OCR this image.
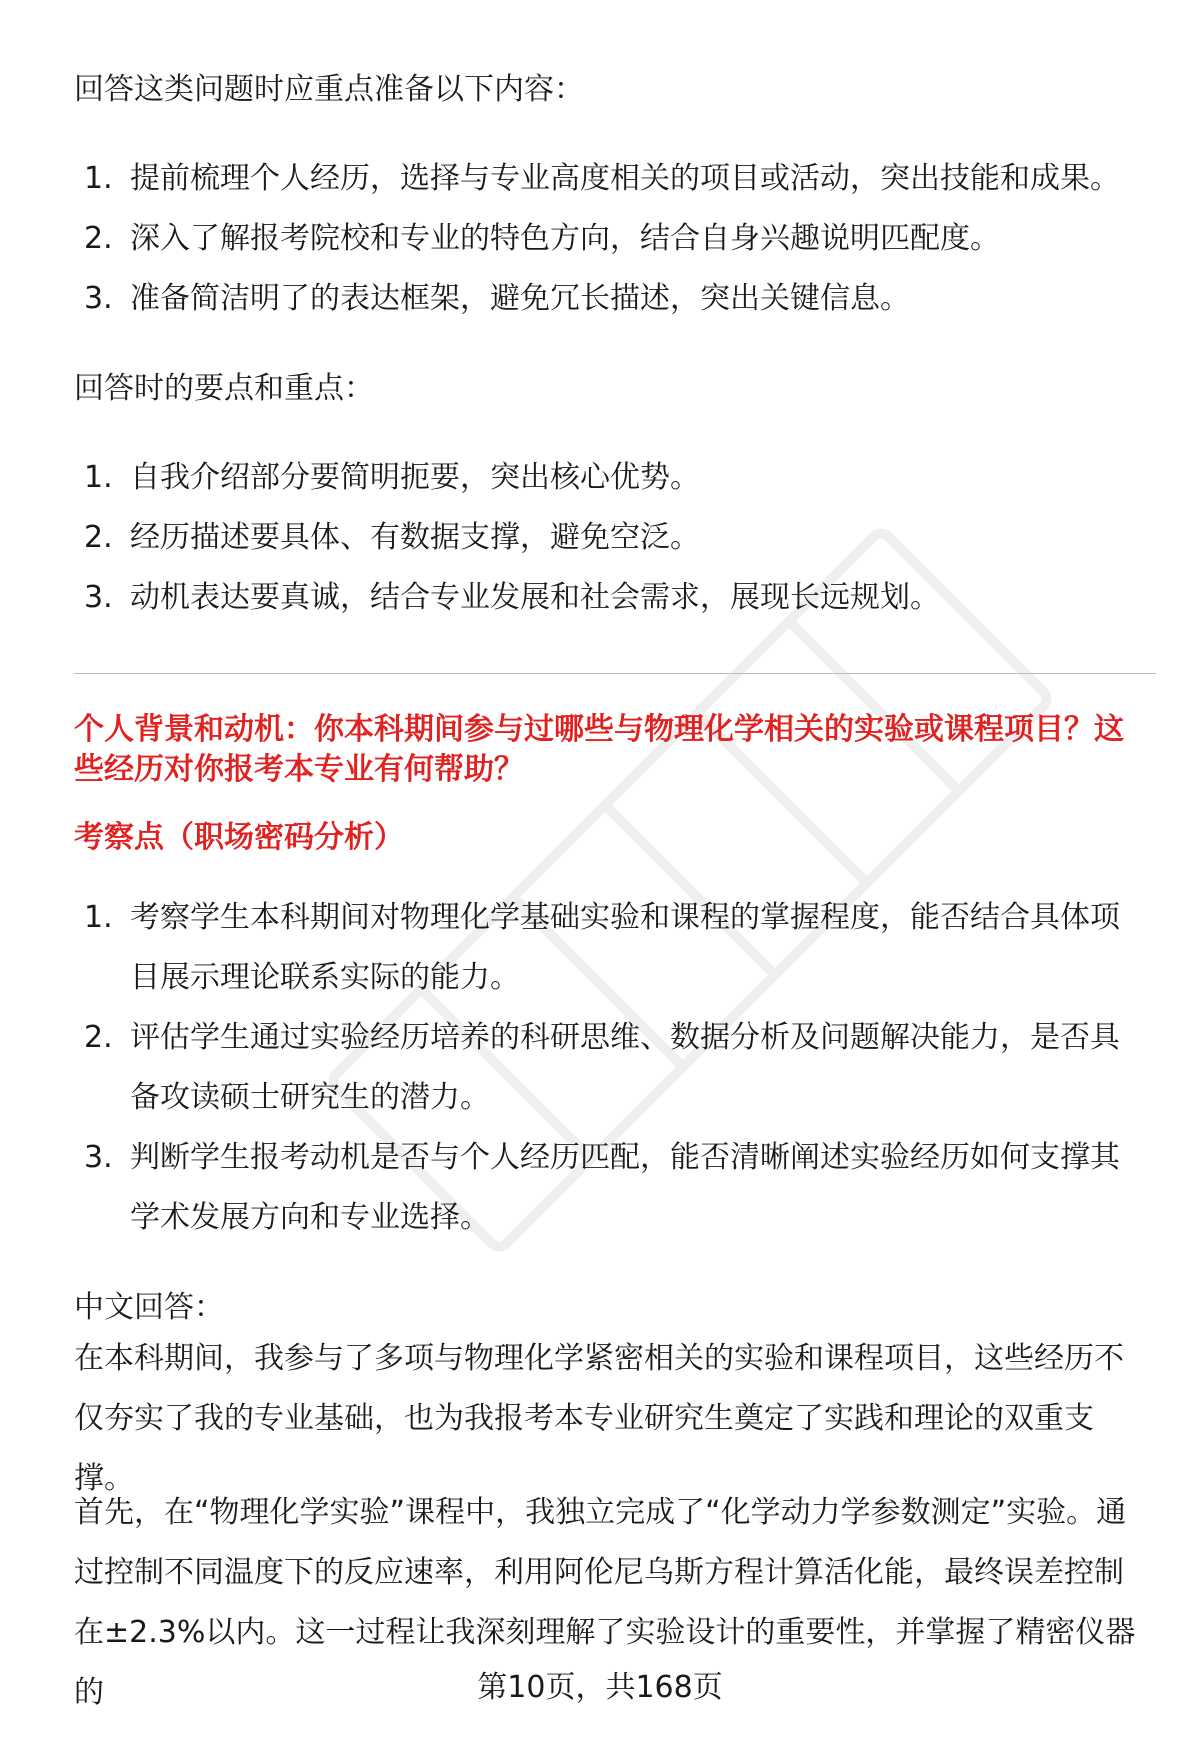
回答这类问题时应重点准备以下内容：
1. 提前梳理个人经历，选择与专业高度相关的项目或活动，突出技能和成果。
2. 深入了解报考院校和专业的特色方向，结合自身兴趣说明匹配度。
3. 准备简洁明了的表达框架，避免冗长描述，突出关键信息。
回答时的要点和重点：
1. 自我介绍部分要简明扼要，突出核心优势。
2. 经历描述要具体、有数据支撑，避免空泛。
3. 动机表达要真诚，结合专业发展和社会需求，展现长远规划。
个人背景和动机：你本科期间参与过哪些与物理化学相关的实验或课程项目？这些经历对你报考本专业有何帮助？
考察点（职场密码分析）
1. 考察学生本科期间对物理化学基础实验和课程的掌握程度，能否结合具体项目展示理论联系实际的能力。
2. 评估学生通过实验经历培养的科研思维、数据分析及问题解决能力，是否具备攻读硕士研究生的潜力。
3. 判断学生报考动机是否与个人经历匹配，能否清晰阐述实验经历如何支撑其学术发展方向和专业选择。
中文回答：
在本科期间，我参与了多项与物理化学紧密相关的实验和课程项目，这些经历不仅夯实了我的专业基础，也为我报考本专业研究生奠定了实践和理论的双重支撑。
首先，在“物理化学实验”课程中，我独立完成了“化学动力学参数测定”实验。通过控制不同温度下的反应速率，利用阿伦尼乌斯方程计算活化能，最终误差控制在±2.3%以内。这一过程让我深刻理解了实验设计的重要性，并掌握了精密仪器的	第10页，共168页
